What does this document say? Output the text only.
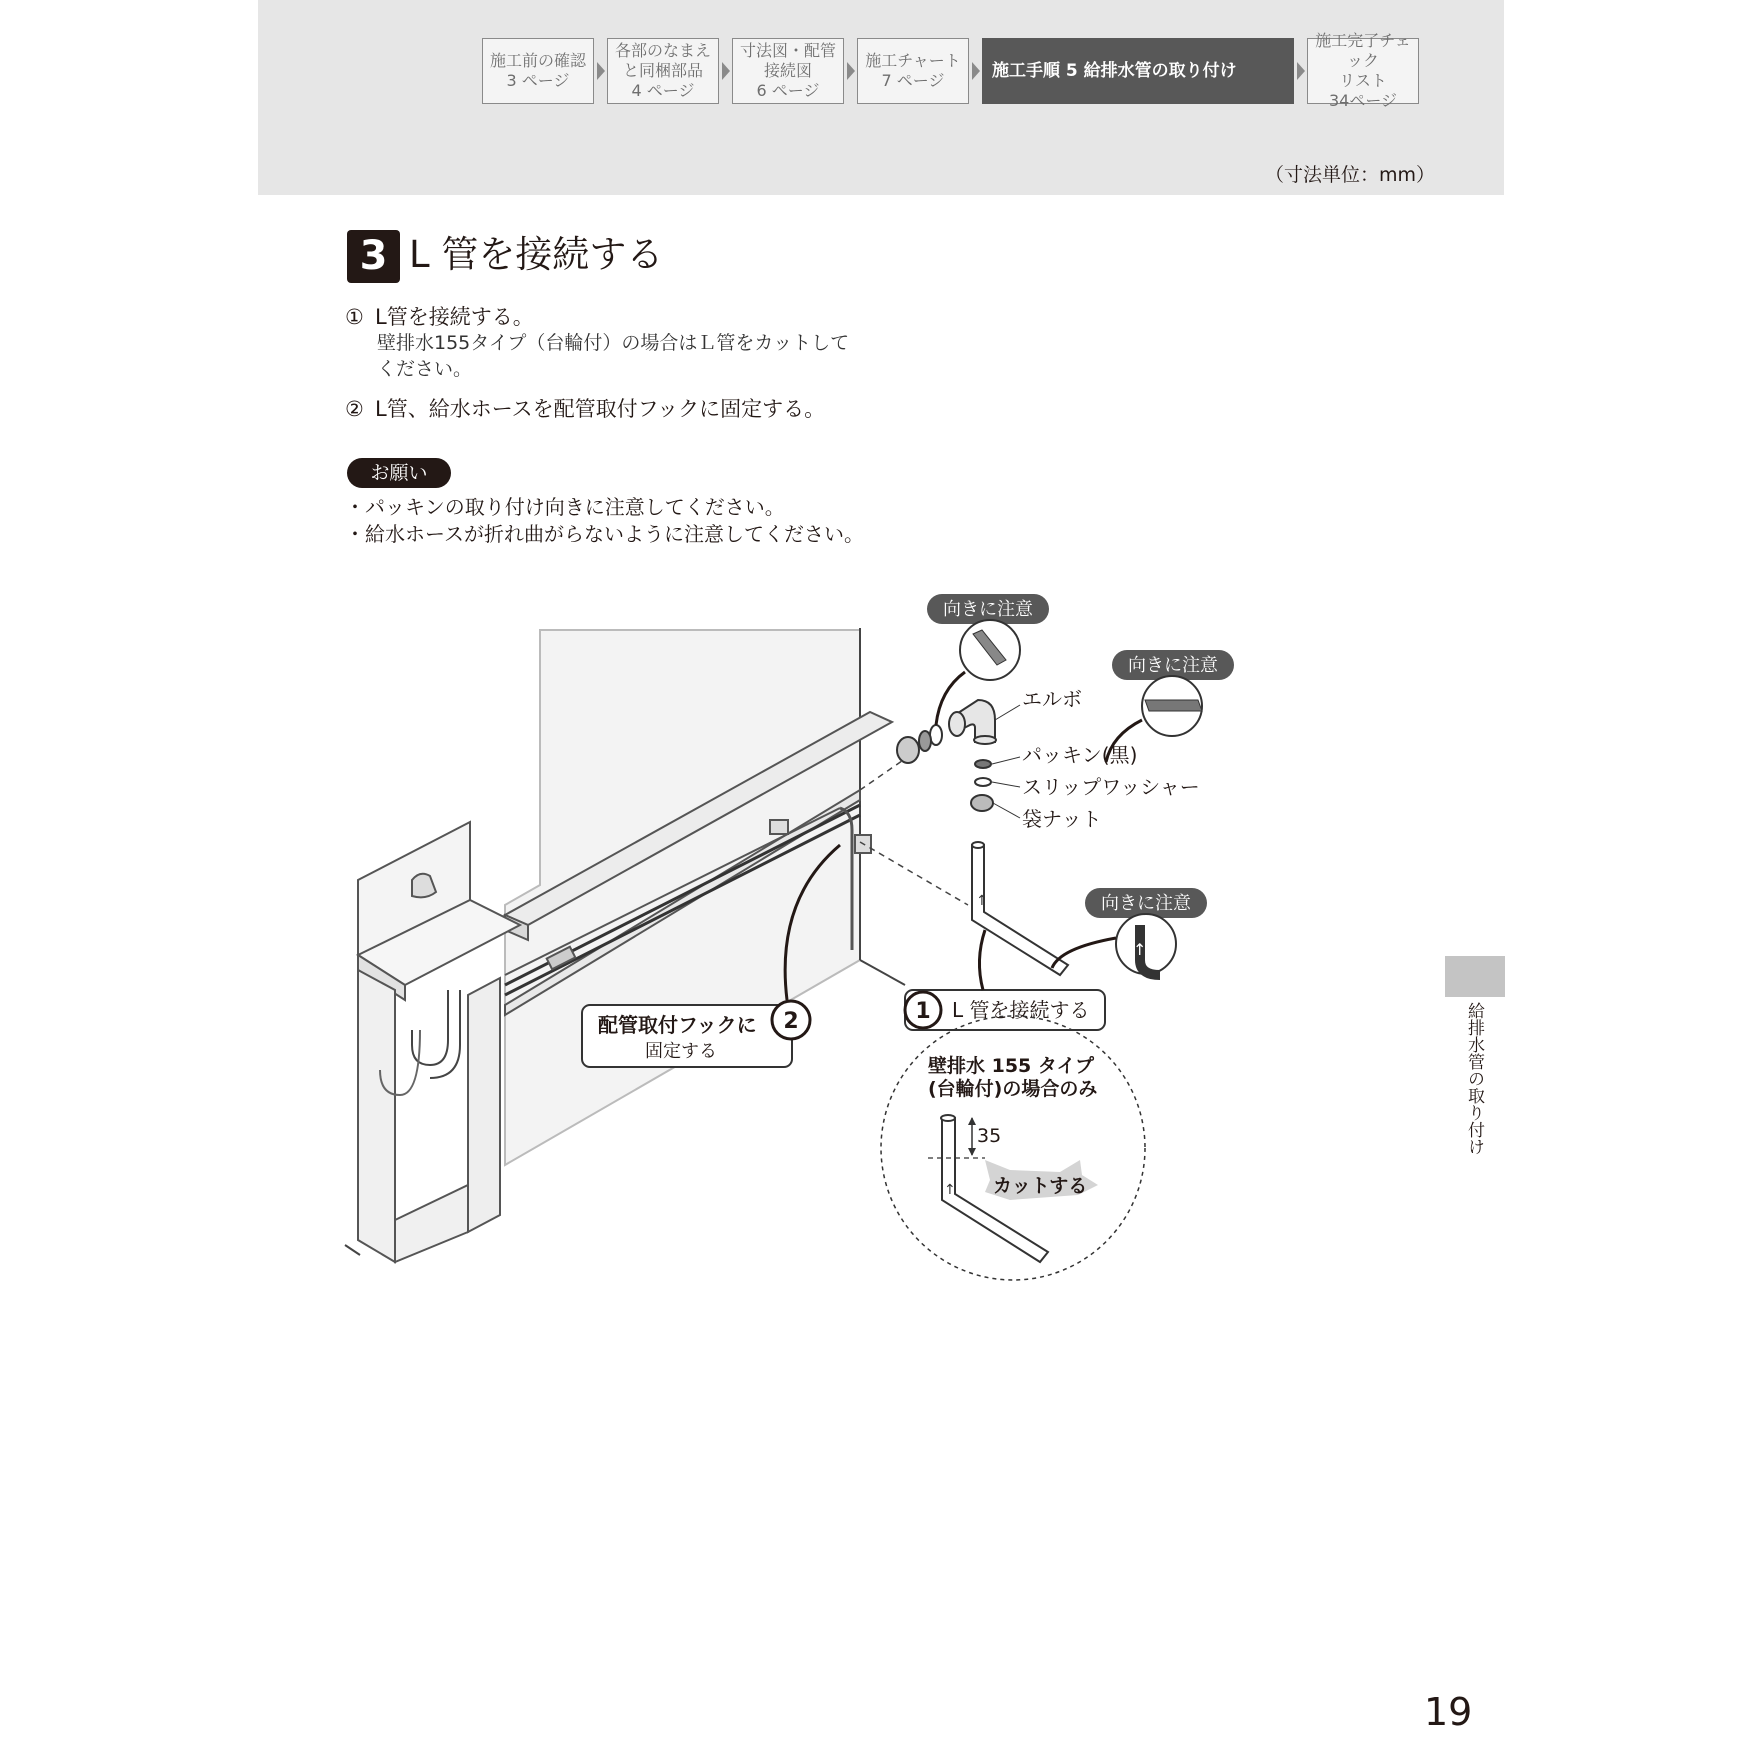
施工前の確認
3 ページ
各部のなまえ
と同梱部品
4 ページ
寸法図・配管
接続図
6 ページ
施工チャート
7 ページ	施工手順 5 給排水管の取り付け
施工完了チェック
リスト
34ページ
（寸法単位：mm）
3 L 管を接続する
① L管を接続する。
壁排水155タイプ（台輪付）の場合はＬ管をカットして
ください。
② L管、給水ホースを配管取付フックに固定する。
お願い
・パッキンの取り付け向きに注意してください。
・給水ホースが折れ曲がらないように注意してください。
↑
エルボ
パッキン(黒)
スリップワッシャー
袋ナット
向きに注意
向きに注意
向きに注意
↑
1 L 管を接続する
配管取付フックに
固定する
2
壁排水 155 タイプ
(台輪付)の場合のみ
35
↑ カットする
給排水管の取り付け
19
